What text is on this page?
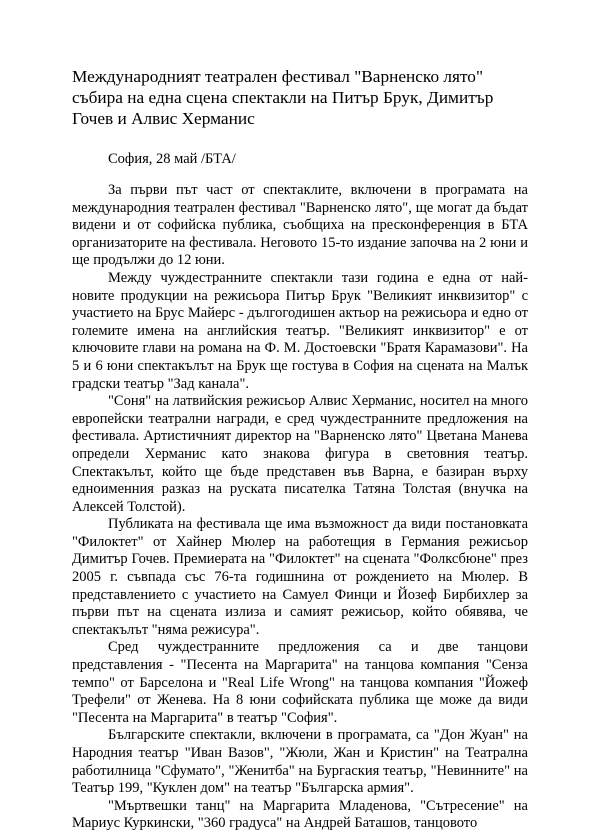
Международният театрален фестивал "Варненско лято" събира на една сцена спектакли на Питър Брук, Димитър Гочев и Алвис Херманис

София, 28 май /БТА/

За първи път част от спектаклите, включени в програмата на международния театрален фестивал "Варненско лято", ще могат да бъдат видени и от софийска публика, съобщиха на пресконференция в БТА организаторите на фестивала. Неговото 15-то издание започва на 2 юни и ще продължи до 12 юни.

Между чуждестранните спектакли тази година е една от най-новите продукции на режисьора Питър Брук "Великият инквизитор" с участието на Брус Майерс - дългогодишен актьор на режисьора и едно от големите имена на английския театър. "Великият инквизитор" е от ключовите глави на романа на Ф. М. Достоевски "Братя Карамазови". На 5 и 6 юни спектакълът на Брук ще гостува в София на сцената на Малък градски театър "Зад канала".

"Соня" на латвийския режисьор Алвис Херманис, носител на много европейски театрални награди, е сред чуждестранните предложения на фестивала. Артистичният директор на "Варненско лято" Цветана Манева определи Херманис като знакова фигура в световния театър. Спектакълът, който ще бъде представен във Варна, е базиран върху едноименния разказ на руската писателка Татяна Толстая (внучка на Алексей Толстой).

Публиката на фестивала ще има възможност да види постановката "Филоктет" от Хайнер Мюлер на работещия в Германия режисьор Димитър Гочев. Премиерата на "Филоктет" на сцената "Фолксбюне" през 2005 г. съвпада със 76-та годишнина от рождението на Мюлер. В представлението с участието на Самуел Финци и Йозеф Бирбихлер за първи път на сцената излиза и самият режисьор, който обявява, че спектакълът "няма режисура".

Сред чуждестранните предложения са и две танцови представления - "Песента на Маргарита" на танцова компания "Сенза темпо" от Барселона и "Real Life Wrong" на танцова компания "Йожеф Трефели" от Женева. На 8 юни софийската публика ще може да види "Песента на Маргарита" в театър "София".

Българските спектакли, включени в програмата, са "Дон Жуан" на Народния театър "Иван Вазов", "Жюли, Жан и Кристин" на Театрална работилница "Сфумато", "Женитба" на Бургаския театър, "Невинните" на Театър 199, "Куклен дом" на театър "Българска армия".

"Мъртвешки танц" на Маргарита Младенова, "Сътресение" на Мариус Куркински, "360 градуса" на Андрей Баташов, танцовото
